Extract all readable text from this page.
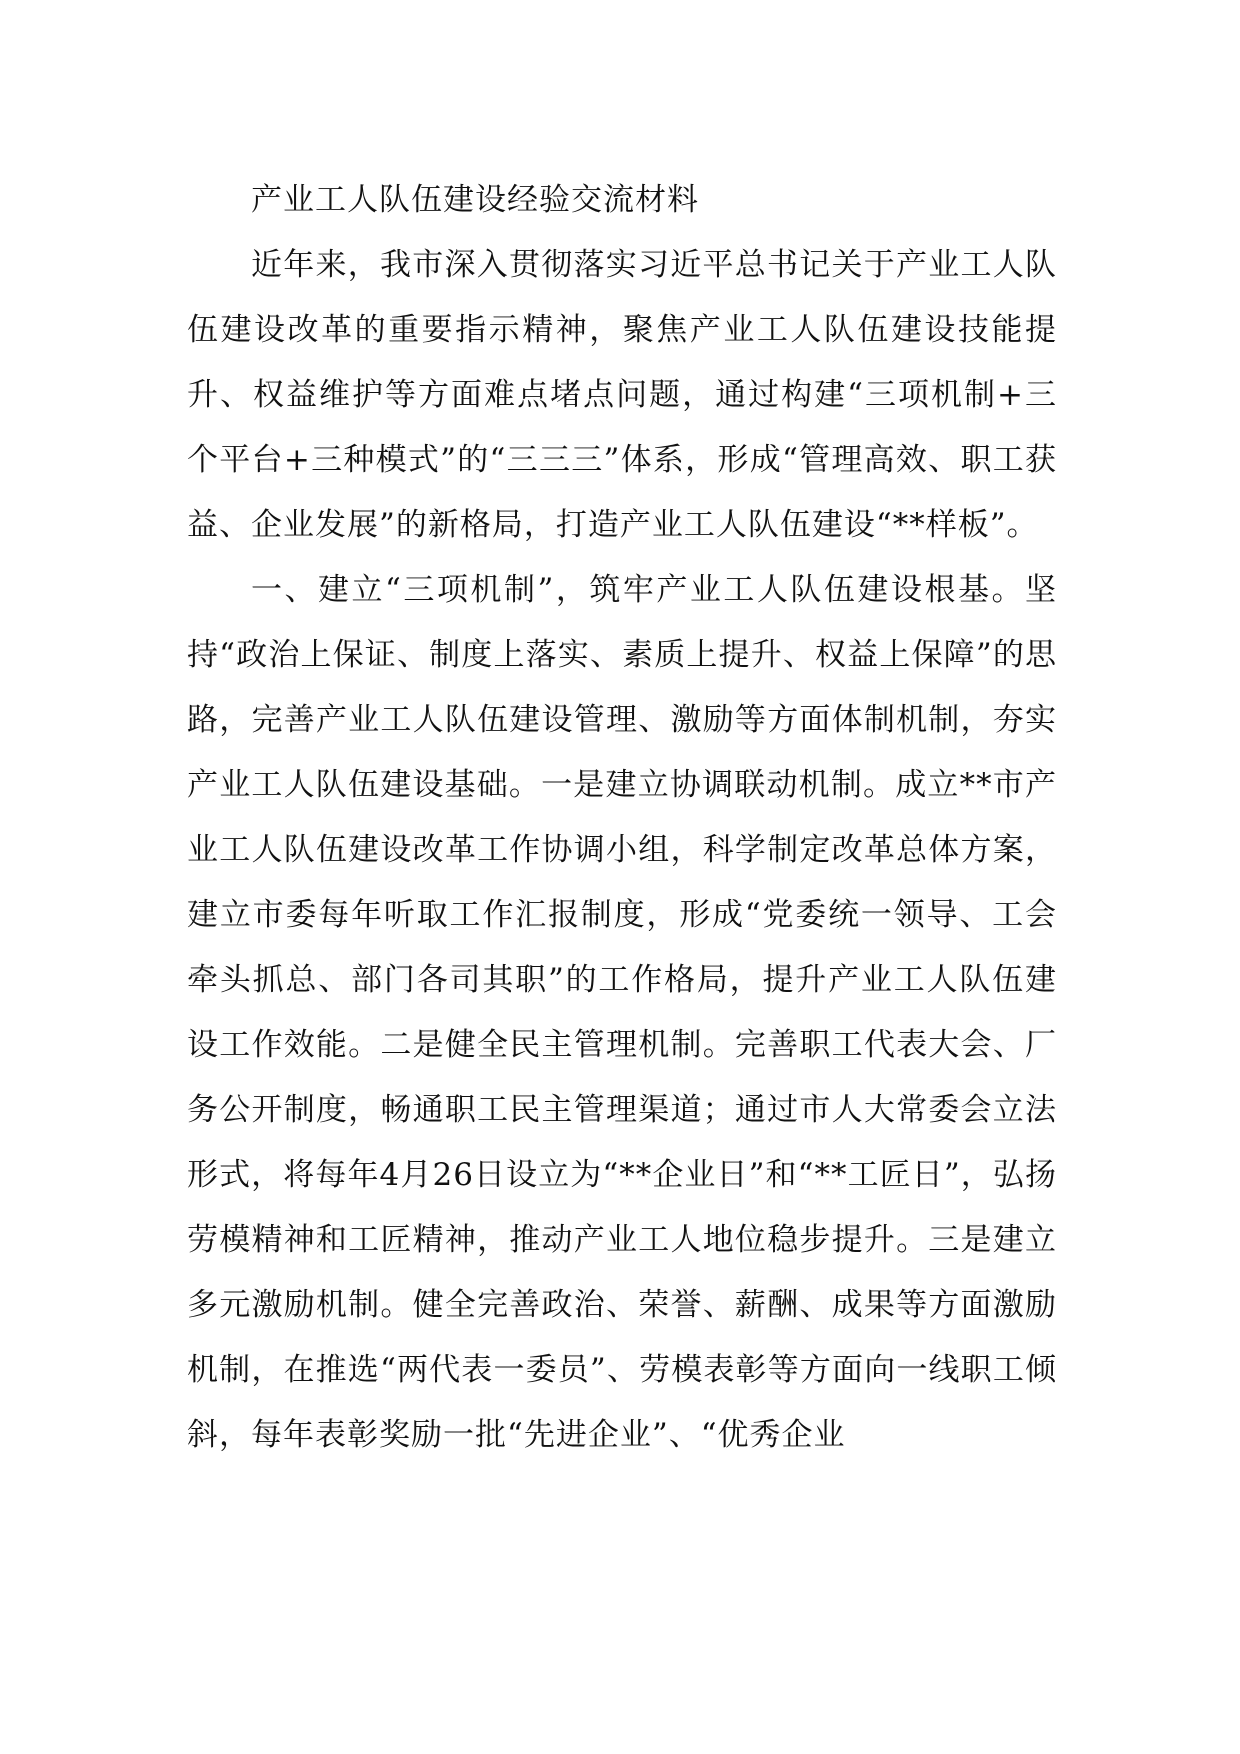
产业工人队伍建设经验交流材料

近年来，我市深入贯彻落实习近平总书记关于产业工人队伍建设改革的重要指示精神，聚焦产业工人队伍建设技能提升、权益维护等方面难点堵点问题，通过构建“三项机制+三个平台+三种模式”的“三三三”体系，形成“管理高效、职工获益、企业发展”的新格局，打造产业工人队伍建设“**样板”。

一、建立“三项机制”，筑牢产业工人队伍建设根基。坚持“政治上保证、制度上落实、素质上提升、权益上保障”的思路，完善产业工人队伍建设管理、激励等方面体制机制，夯实产业工人队伍建设基础。一是建立协调联动机制。成立**市产业工人队伍建设改革工作协调小组，科学制定改革总体方案，建立市委每年听取工作汇报制度，形成“党委统一领导、工会牵头抓总、部门各司其职”的工作格局，提升产业工人队伍建设工作效能。二是健全民主管理机制。完善职工代表大会、厂务公开制度，畅通职工民主管理渠道；通过市人大常委会立法形式，将每年4月26日设立为“**企业日”和“**工匠日”，弘扬劳模精神和工匠精神，推动产业工人地位稳步提升。三是建立多元激励机制。健全完善政治、荣誉、薪酬、成果等方面激励机制，在推选“两代表一委员”、劳模表彰等方面向一线职工倾斜，每年表彰奖励一批“先进企业”、“优秀企业
